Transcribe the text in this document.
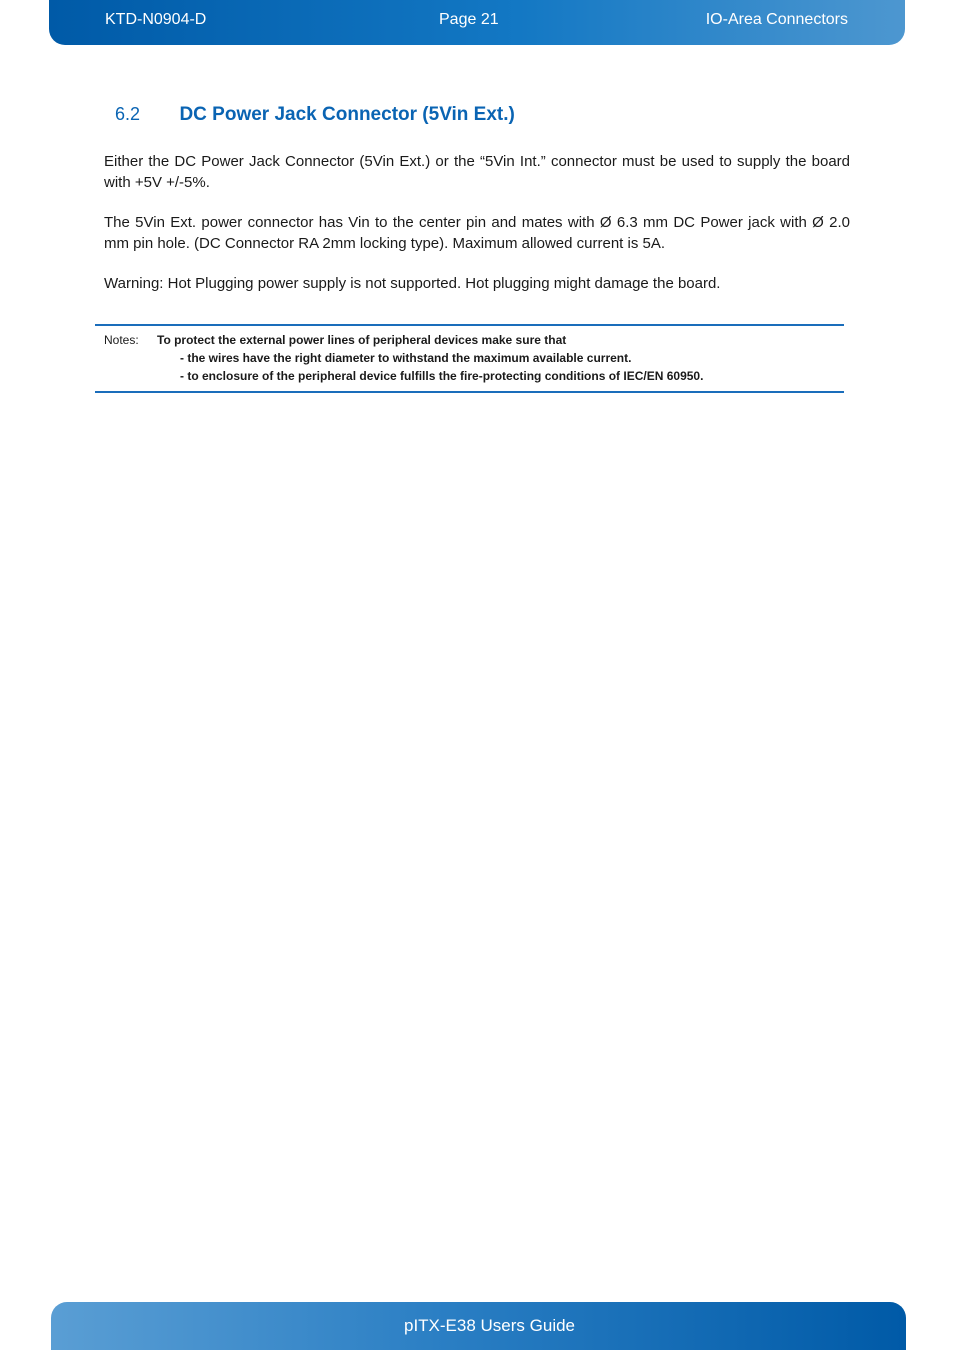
KTD-N0904-D	Page 21	IO-Area Connectors
6.2 DC Power Jack Connector (5Vin Ext.)

Either the DC Power Jack Connector (5Vin Ext.) or the “5Vin Int.” connector must be used to supply the board with +5V +/-5%.

The 5Vin Ext. power connector has Vin to the center pin and mates with Ø 6.3 mm DC Power jack with Ø 2.0 mm pin hole. (DC Connector RA 2mm locking type). Maximum allowed current is 5A.

Warning: Hot Plugging power supply is not supported. Hot plugging might damage the board.

Notes: To protect the external power lines of peripheral devices make sure that
- the wires have the right diameter to withstand the maximum available current.
- to enclosure of the peripheral device fulfills the fire-protecting conditions of IEC/EN 60950.
pITX-E38 Users Guide
